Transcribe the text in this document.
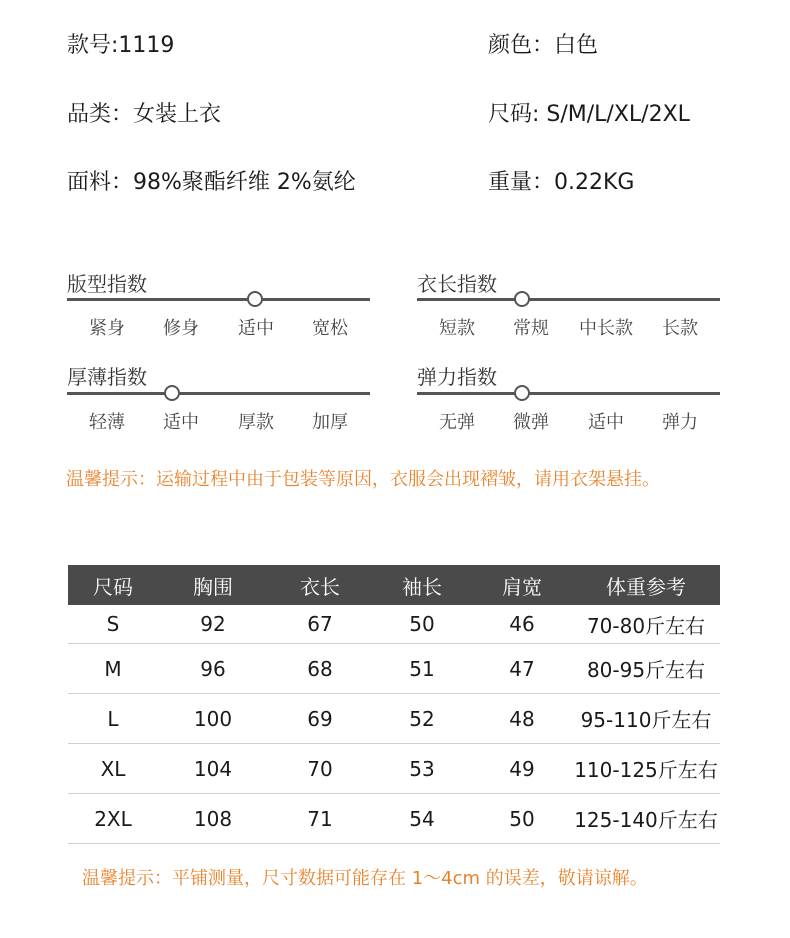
款号:1119	颜色：白色
品类：女装上衣	尺码: S/M/L/XL/2XL
面料：98%聚酯纤维 2%氨纶	重量：0.22KG
版型指数
紧身 修身 适中 宽松
衣长指数
短款 常规 中长款 长款
厚薄指数
轻薄 适中 厚款 加厚
弹力指数
无弹 微弹 适中 弹力
温馨提示：运输过程中由于包装等原因，衣服会出现褶皱，请用衣架悬挂。
尺码	胸围	衣长	袖长	肩宽	体重参考
S	92	67	50	46	70-80斤左右
M	96	68	51	47	80-95斤左右
L	100	69	52	48	95-110斤左右
XL	104	70	53	49	110-125斤左右
2XL	108	71	54	50	125-140斤左右
温馨提示：平铺测量，尺寸数据可能存在 1～4cm 的误差，敬请谅解。
